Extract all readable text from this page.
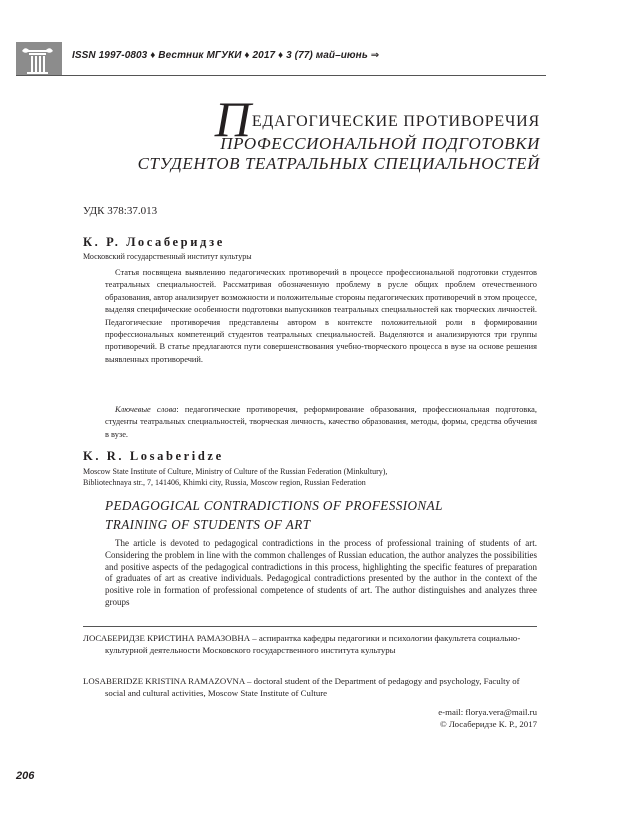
ISSN 1997-0803 ♦ Вестник МГУКИ ♦ 2017 ♦ 3 (77) май–июнь ⇒
ПЕДАГОГИЧЕСКИЕ ПРОТИВОРЕЧИЯ
ПРОФЕССИОНАЛЬНОЙ ПОДГОТОВКИ
СТУДЕНТОВ ТЕАТРАЛЬНЫХ СПЕЦИАЛЬНОСТЕЙ
УДК 378:37.013
К. Р. Лосаберидзе
Московский государственный институт культуры
Статья посвящена выявлению педагогических противоречий в процессе профессиональной подготовки студентов театральных специальностей. Рассматривая обозначенную проблему в русле общих проблем отечественного образования, автор анализирует возможности и положительные стороны педагогических противоречий в этом процессе, выделяя специфические особенности подготовки выпускников театральных специальностей как творческих личностей. Педагогические противоречия представлены автором в контексте положительной роли в формировании профессиональных компетенций студентов театральных специальностей. Выделяются и анализируются три группы противоречий. В статье предлагаются пути совершенствования учебно-творческого процесса в вузе на основе решения выявленных противоречий.
Ключевые слова: педагогические противоречия, реформирование образования, профессиональная подготовка, студенты театральных специальностей, творческая личность, качество образования, методы, формы, средства обучения в вузе.
K. R. Losaberidze
Moscow State Institute of Culture, Ministry of Culture of the Russian Federation (Minkultury),
Bibliotechnaya str., 7, 141406, Khimki city, Russia, Moscow region, Russian Federation
PEDAGOGICAL CONTRADICTIONS OF PROFESSIONAL
TRAINING OF STUDENTS OF ART
The article is devoted to pedagogical contradictions in the process of professional training of students of art. Considering the problem in line with the common challenges of Russian education, the author analyzes the possibilities and positive aspects of the pedagogical contradictions in this process, highlighting the specific features of preparation of graduates of art as creative individuals. Pedagogical contradictions presented by the author in the context of the positive role in formation of professional competence of students of art. The author distinguishes and analyzes three groups
ЛОСАБЕРИДЗЕ КРИСТИНА РАМАЗОВНА – аспирантка кафедры педагогики и психологии факультета социально-культурной деятельности Московского государственного института культуры
LOSABERIDZE KRISTINA RAMAZOVNA – doctoral student of the Department of pedagogy and psychology, Faculty of social and cultural activities, Moscow State Institute of Culture
e-mail: florya.vera@mail.ru
© Лосаберидзе К. Р., 2017
206
